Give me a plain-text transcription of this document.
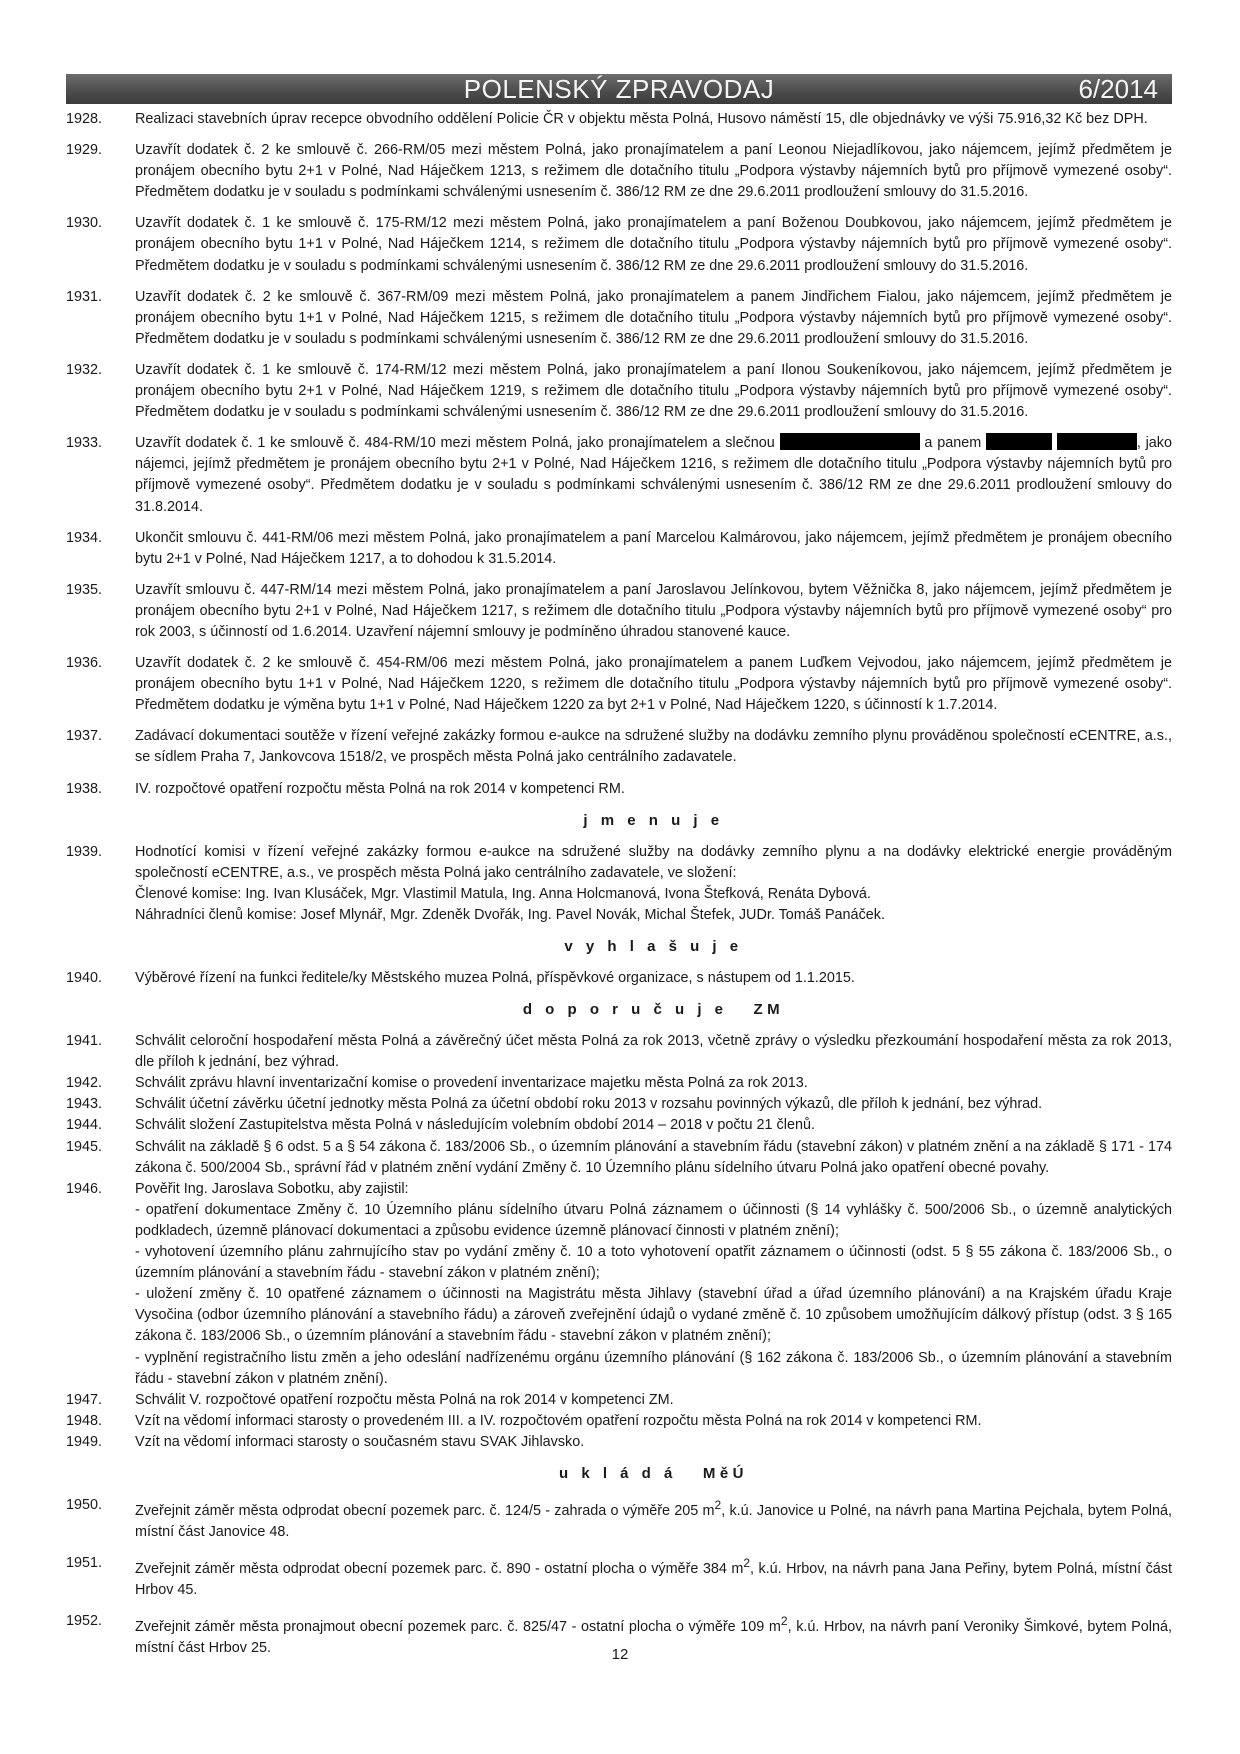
POLENSKÝ ZPRAVODAJ	6/2014
1928.	Realizaci stavebních úprav recepce obvodního oddělení Policie ČR v objektu města Polná, Husovo náměstí 15, dle objednávky ve výši 75.916,32 Kč bez DPH.
1929.	Uzavřít dodatek č. 2 ke smlouvě č. 266-RM/05 mezi městem Polná, jako pronajímatelem a paní Leonou Niejadlíkovou, jako nájemcem, jejímž předmětem je pronájem obecního bytu 2+1 v Polné, Nad Háječkem 1213, s režimem dle dotačního titulu „Podpora výstavby nájemních bytů pro příjmově vymezené osoby“. Předmětem dodatku je v souladu s podmínkami schválenými usnesením č. 386/12 RM ze dne 29.6.2011 prodloužení smlouvy do 31.5.2016.
1930.	Uzavřít dodatek č. 1 ke smlouvě č. 175-RM/12 mezi městem Polná, jako pronajímatelem a paní Boženou Doubkovou, jako nájemcem, jejímž předmětem je pronájem obecního bytu 1+1 v Polné, Nad Háječkem 1214, s režimem dle dotačního titulu „Podpora výstavby nájemních bytů pro příjmově vymezené osoby“. Předmětem dodatku je v souladu s podmínkami schválenými usnesením č. 386/12 RM ze dne 29.6.2011 prodloužení smlouvy do 31.5.2016.
1931.	Uzavřít dodatek č. 2 ke smlouvě č. 367-RM/09 mezi městem Polná, jako pronajímatelem a panem Jindřichem Fialou, jako nájemcem, jejímž předmětem je pronájem obecního bytu 1+1 v Polné, Nad Háječkem 1215, s režimem dle dotačního titulu „Podpora výstavby nájemních bytů pro příjmově vymezené osoby“. Předmětem dodatku je v souladu s podmínkami schválenými usnesením č. 386/12 RM ze dne 29.6.2011 prodloužení smlouvy do 31.5.2016.
1932.	Uzavřít dodatek č. 1 ke smlouvě č. 174-RM/12 mezi městem Polná, jako pronajímatelem a paní Ilonou Soukeníkovou, jako nájemcem, jejímž předmětem je pronájem obecního bytu 2+1 v Polné, Nad Háječkem 1219, s režimem dle dotačního titulu „Podpora výstavby nájemních bytů pro příjmově vymezené osoby“. Předmětem dodatku je v souladu s podmínkami schválenými usnesením č. 386/12 RM ze dne 29.6.2011 prodloužení smlouvy do 31.5.2016.
1933.	Uzavřít dodatek č. 1 ke smlouvě č. 484-RM/10 mezi městem Polná, jako pronajímatelem a slečnou	a panem	, jako nájemci, jejímž předmětem je pronájem obecního bytu 2+1 v Polné, Nad Háječkem 1216, s režimem dle dotačního titulu „Podpora výstavby nájemních bytů pro příjmově vymezené osoby“. Předmětem dodatku je v souladu s podmínkami schválenými usnesením č. 386/12 RM ze dne 29.6.2011 prodloužení smlouvy do 31.8.2014.
1934.	Ukončit smlouvu č. 441-RM/06 mezi městem Polná, jako pronajímatelem a paní Marcelou Kalmárovou, jako nájemcem, jejímž předmětem je pronájem obecního bytu 2+1 v Polné, Nad Háječkem 1217, a to dohodou k 31.5.2014.
1935.	Uzavřít smlouvu č. 447-RM/14 mezi městem Polná, jako pronajímatelem a paní Jaroslavou Jelínkovou, bytem Věžnička 8, jako nájemcem, jejímž předmětem je pronájem obecního bytu 2+1 v Polné, Nad Háječkem 1217, s režimem dle dotačního titulu „Podpora výstavby nájemních bytů pro příjmově vymezené osoby“ pro rok 2003, s účinností od 1.6.2014. Uzavření nájemní smlouvy je podmíněno úhradou stanovené kauce.
1936.	Uzavřít dodatek č. 2 ke smlouvě č. 454-RM/06 mezi městem Polná, jako pronajímatelem a panem Luďkem Vejvodou, jako nájemcem, jejímž předmětem je pronájem obecního bytu 1+1 v Polné, Nad Háječkem 1220, s režimem dle dotačního titulu „Podpora výstavby nájemních bytů pro příjmově vymezené osoby“. Předmětem dodatku je výměna bytu 1+1 v Polné, Nad Háječkem 1220 za byt 2+1 v Polné, Nad Háječkem 1220, s účinností k 1.7.2014.
1937.	Zadávací dokumentaci soutěže v řízení veřejné zakázky formou e-aukce na sdružené služby na dodávku zemního plynu prováděnou společností eCENTRE, a.s., se sídlem Praha 7, Jankovcova 1518/2, ve prospěch města Polná jako centrálního zadavatele.
1938.	IV. rozpočtové opatření rozpočtu města Polná na rok 2014 v kompetenci RM.
j m e n u j e
1939.	Hodnotící komisi v řízení veřejné zakázky formou e-aukce na sdružené služby na dodávky zemního plynu a na dodávky elektrické energie prováděným společností eCENTRE, a.s., ve prospěch města Polná jako centrálního zadavatele, ve složení:
Členové komise: Ing. Ivan Klusáček, Mgr. Vlastimil Matula, Ing. Anna Holcmanová, Ivona Štefková, Renáta Dybová.
Náhradníci členů komise: Josef Mlynář, Mgr. Zdeněk Dvořák, Ing. Pavel Novák, Michal Štefek, JUDr. Tomáš Panáček.
v y h l a š u j e
1940.	Výběrové řízení na funkci ředitele/ky Městského muzea Polná, příspěvkové organizace, s nástupem od 1.1.2015.
d o p o r u č u j e   ZM
1941.	Schválit celoroční hospodaření města Polná a závěrečný účet města Polná za rok 2013, včetně zprávy o výsledku přezkoumání hospodaření města za rok 2013, dle příloh k jednání, bez výhrad.
1942.	Schválit zprávu hlavní inventarizační komise o provedení inventarizace majetku města Polná za rok 2013.
1943.	Schválit účetní závěrku účetní jednotky města Polná za účetní období roku 2013 v rozsahu povinných výkazů, dle příloh k jednání, bez výhrad.
1944.	Schválit složení Zastupitelstva města Polná v následujícím volebním období 2014 – 2018 v počtu 21 členů.
1945.	Schválit na základě § 6 odst. 5 a § 54 zákona č. 183/2006 Sb., o územním plánování a stavebním řádu (stavební zákon) v platném znění a na základě § 171 - 174 zákona č. 500/2004 Sb., správní řád v platném znění vydání Změny č. 10 Územního plánu sídelního útvaru Polná jako opatření obecné povahy.
1946.	Pověřit Ing. Jaroslava Sobotku, aby zajistil:
- opatření dokumentace Změny č. 10 Územního plánu sídelního útvaru Polná záznamem o účinnosti (§ 14 vyhlášky č. 500/2006 Sb., o územně analytických podkladech, územně plánovací dokumentaci a způsobu evidence územně plánovací činnosti v platném znění);
- vyhotovení územního plánu zahrnujícího stav po vydání změny č. 10 a toto vyhotovení opatřit záznamem o účinnosti (odst. 5 § 55 zákona č. 183/2006 Sb., o územním plánování a stavebním řádu - stavební zákon v platném znění);
- uložení změny č. 10 opatřené záznamem o účinnosti na Magistrátu města Jihlavy (stavební úřad a úřad územního plánování) a na Krajském úřadu Kraje Vysočina (odbor územního plánování a stavebního řádu) a zároveň zveřejnění údajů o vydané změně č. 10 způsobem umožňujícím dálkový přístup (odst. 3 § 165 zákona č. 183/2006 Sb., o územním plánování a stavebním řádu - stavební zákon v platném znění);
- vyplnění registračního listu změn a jeho odeslání nadřízenému orgánu územního plánování (§ 162 zákona č. 183/2006 Sb., o územním plánování a stavebním řádu - stavební zákon v platném znění).
1947.	Schválit V. rozpočtové opatření rozpočtu města Polná na rok 2014 v kompetenci ZM.
1948.	Vzít na vědomí informaci starosty o provedeném III. a IV. rozpočtovém opatření rozpočtu města Polná na rok 2014 v kompetenci RM.
1949.	Vzít na vědomí informaci starosty o současném stavu SVAK Jihlavsko.
u k l á d á   MěÚ
1950.	Zveřejnit záměr města odprodat obecní pozemek parc. č. 124/5 - zahrada o výměře 205 $m^2$, k.ú. Janovice u Polné, na návrh pana Martina Pejchala, bytem Polná, místní část Janovice 48.
1951.	Zveřejnit záměr města odprodat obecní pozemek parc. č. 890 - ostatní plocha o výměře 384 $m^2$, k.ú. Hrbov, na návrh pana Jana Peřiny, bytem Polná, místní část Hrbov 45.
1952.	Zveřejnit záměr města pronajmout obecní pozemek parc. č. 825/47 - ostatní plocha o výměře 109 $m^2$, k.ú. Hrbov, na návrh paní Veroniky Šimkové, bytem Polná, místní část Hrbov 25.	12
